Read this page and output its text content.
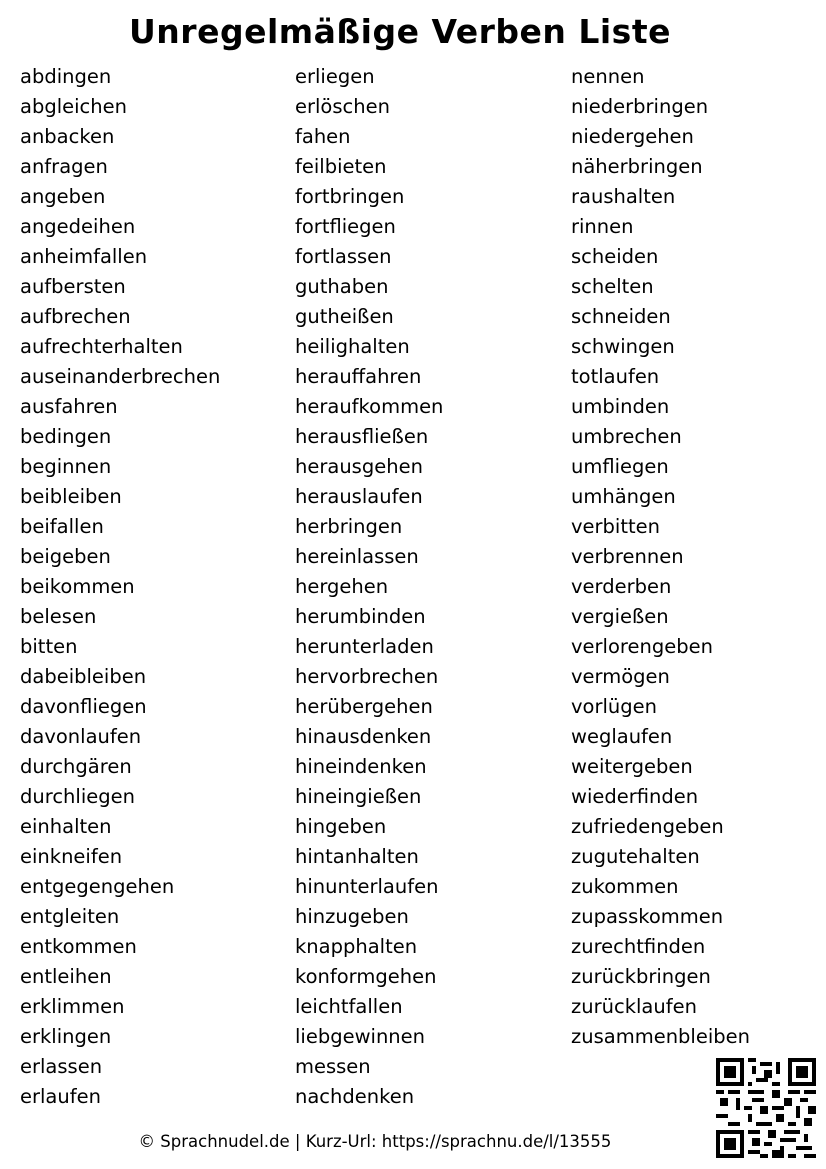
Unregelmäßige Verben Liste
abdingen
abgleichen
anbacken
anfragen
angeben
angedeihen
anheimfallen
aufbersten
aufbrechen
aufrechterhalten
auseinanderbrechen
ausfahren
bedingen
beginnen
beibleiben
beifallen
beigeben
beikommen
belesen
bitten
dabeibleiben
davonfliegen
davonlaufen
durchgären
durchliegen
einhalten
einkneifen
entgegengehen
entgleiten
entkommen
entleihen
erklimmen
erklingen
erlassen
erlaufen
erliegen
erlöschen
fahen
feilbieten
fortbringen
fortfliegen
fortlassen
guthaben
gutheißen
heilighalten
herauffahren
heraufkommen
herausfließen
herausgehen
herauslaufen
herbringen
hereinlassen
hergehen
herumbinden
herunterladen
hervorbrechen
herübergehen
hinausdenken
hineindenken
hineingießen
hingeben
hintanhalten
hinunterlaufen
hinzugeben
knapphalten
konformgehen
leichtfallen
liebgewinnen
messen
nachdenken
nennen
niederbringen
niedergehen
näherbringen
raushalten
rinnen
scheiden
schelten
schneiden
schwingen
totlaufen
umbinden
umbrechen
umfliegen
umhängen
verbitten
verbrennen
verderben
vergießen
verlorengeben
vermögen
vorlügen
weglaufen
weitergeben
wiederfinden
zufriedengeben
zugutehalten
zukommen
zupasskommen
zurechtfinden
zurückbringen
zurücklaufen
zusammenbleiben
© Sprachnudel.de | Kurz-Url: https://sprachnu.de/l/13555
